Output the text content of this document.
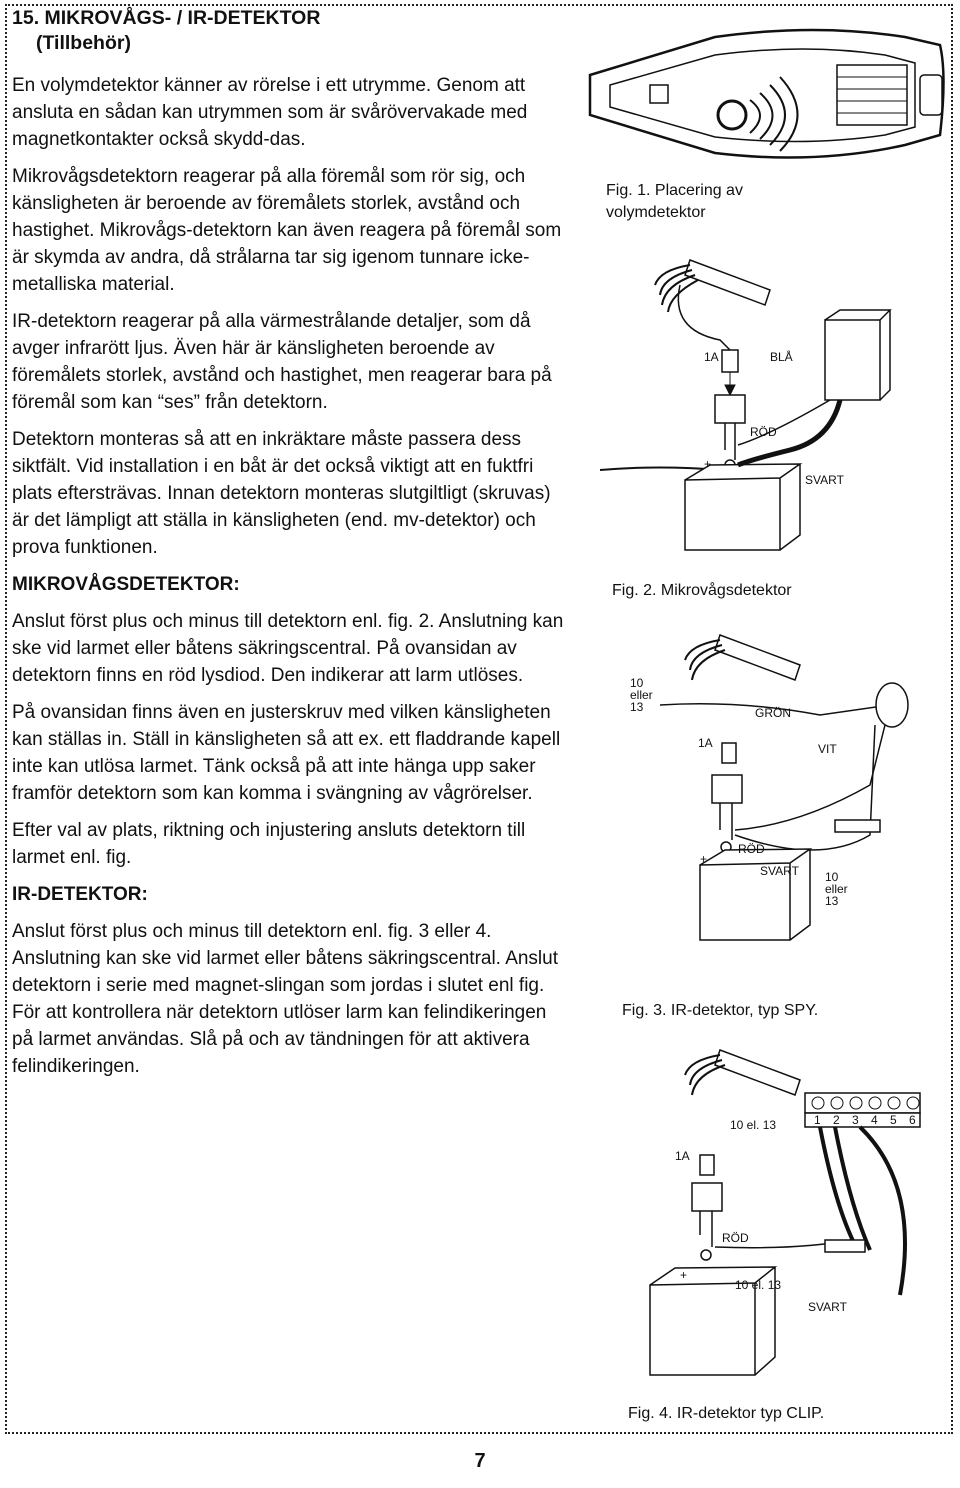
15. MIKROVÅGS- / IR-DETEKTOR
(Tillbehör)

En volymdetektor känner av rörelse i ett utrymme. Genom att ansluta en sådan kan utrymmen som är svårövervakade med magnetkontakter också skydd-das.

Mikrovågsdetektorn reagerar på alla föremål som rör sig, och känsligheten är beroende av föremålets storlek, avstånd och hastighet. Mikrovågs-detektorn kan även reagera på föremål som är skymda av andra, då strålarna tar sig igenom tunnare icke-metalliska material.

IR-detektorn reagerar på alla värmestrålande detaljer, som då avger infrarött ljus. Även här är känsligheten beroende av föremålets storlek, avstånd och hastighet, men reagerar bara på föremål som kan “ses” från detektorn.

Detektorn monteras så att en inkräktare måste passera dess siktfält. Vid installation i en båt är det också viktigt att en fuktfri plats eftersträvas. Innan detektorn monteras slutgiltligt (skruvas) är det lämpligt att ställa in känsligheten (end. mv-detektor) och prova funktionen.

MIKROVÅGSDETEKTOR:

Anslut först plus och minus till detektorn enl. fig. 2. Anslutning kan ske vid larmet eller båtens säkringscentral. På ovansidan av detektorn finns en röd lysdiod. Den indikerar att larm utlöses.

På ovansidan finns även en justerskruv med vilken känsligheten kan ställas in. Ställ in känsligheten så att ex. ett fladdrande kapell inte kan utlösa larmet. Tänk också på att inte hänga upp saker framför detektorn som kan komma i svängning av vågrörelser.

Efter val av plats, riktning och injustering ansluts detektorn till larmet enl. fig.

IR-DETEKTOR:

Anslut först plus och minus till detektorn enl. fig. 3 eller 4. Anslutning kan ske vid larmet eller båtens säkringscentral. Anslut detektorn i serie med magnet-slingan som jordas i slutet enl fig. För att kontrollera när detektorn utlöser larm kan felindikeringen på larmet användas. Slå på och av tändningen för att aktivera felindikeringen.

Fig. 1. Placering av
volymdetektor
1A	BLÅ
RÖD
SVART
+
Fig. 2. Mikrovågsdetektor
10
eller
13
1A
GRÖN
VIT
RÖD
SVART 10
eller
13
+
Fig. 3. IR-detektor, typ SPY.
1 2 3 4 5 6
10 el. 13
1A
RÖD
10 el. 13
SVART
+
Fig. 4. IR-detektor typ CLIP.
7
